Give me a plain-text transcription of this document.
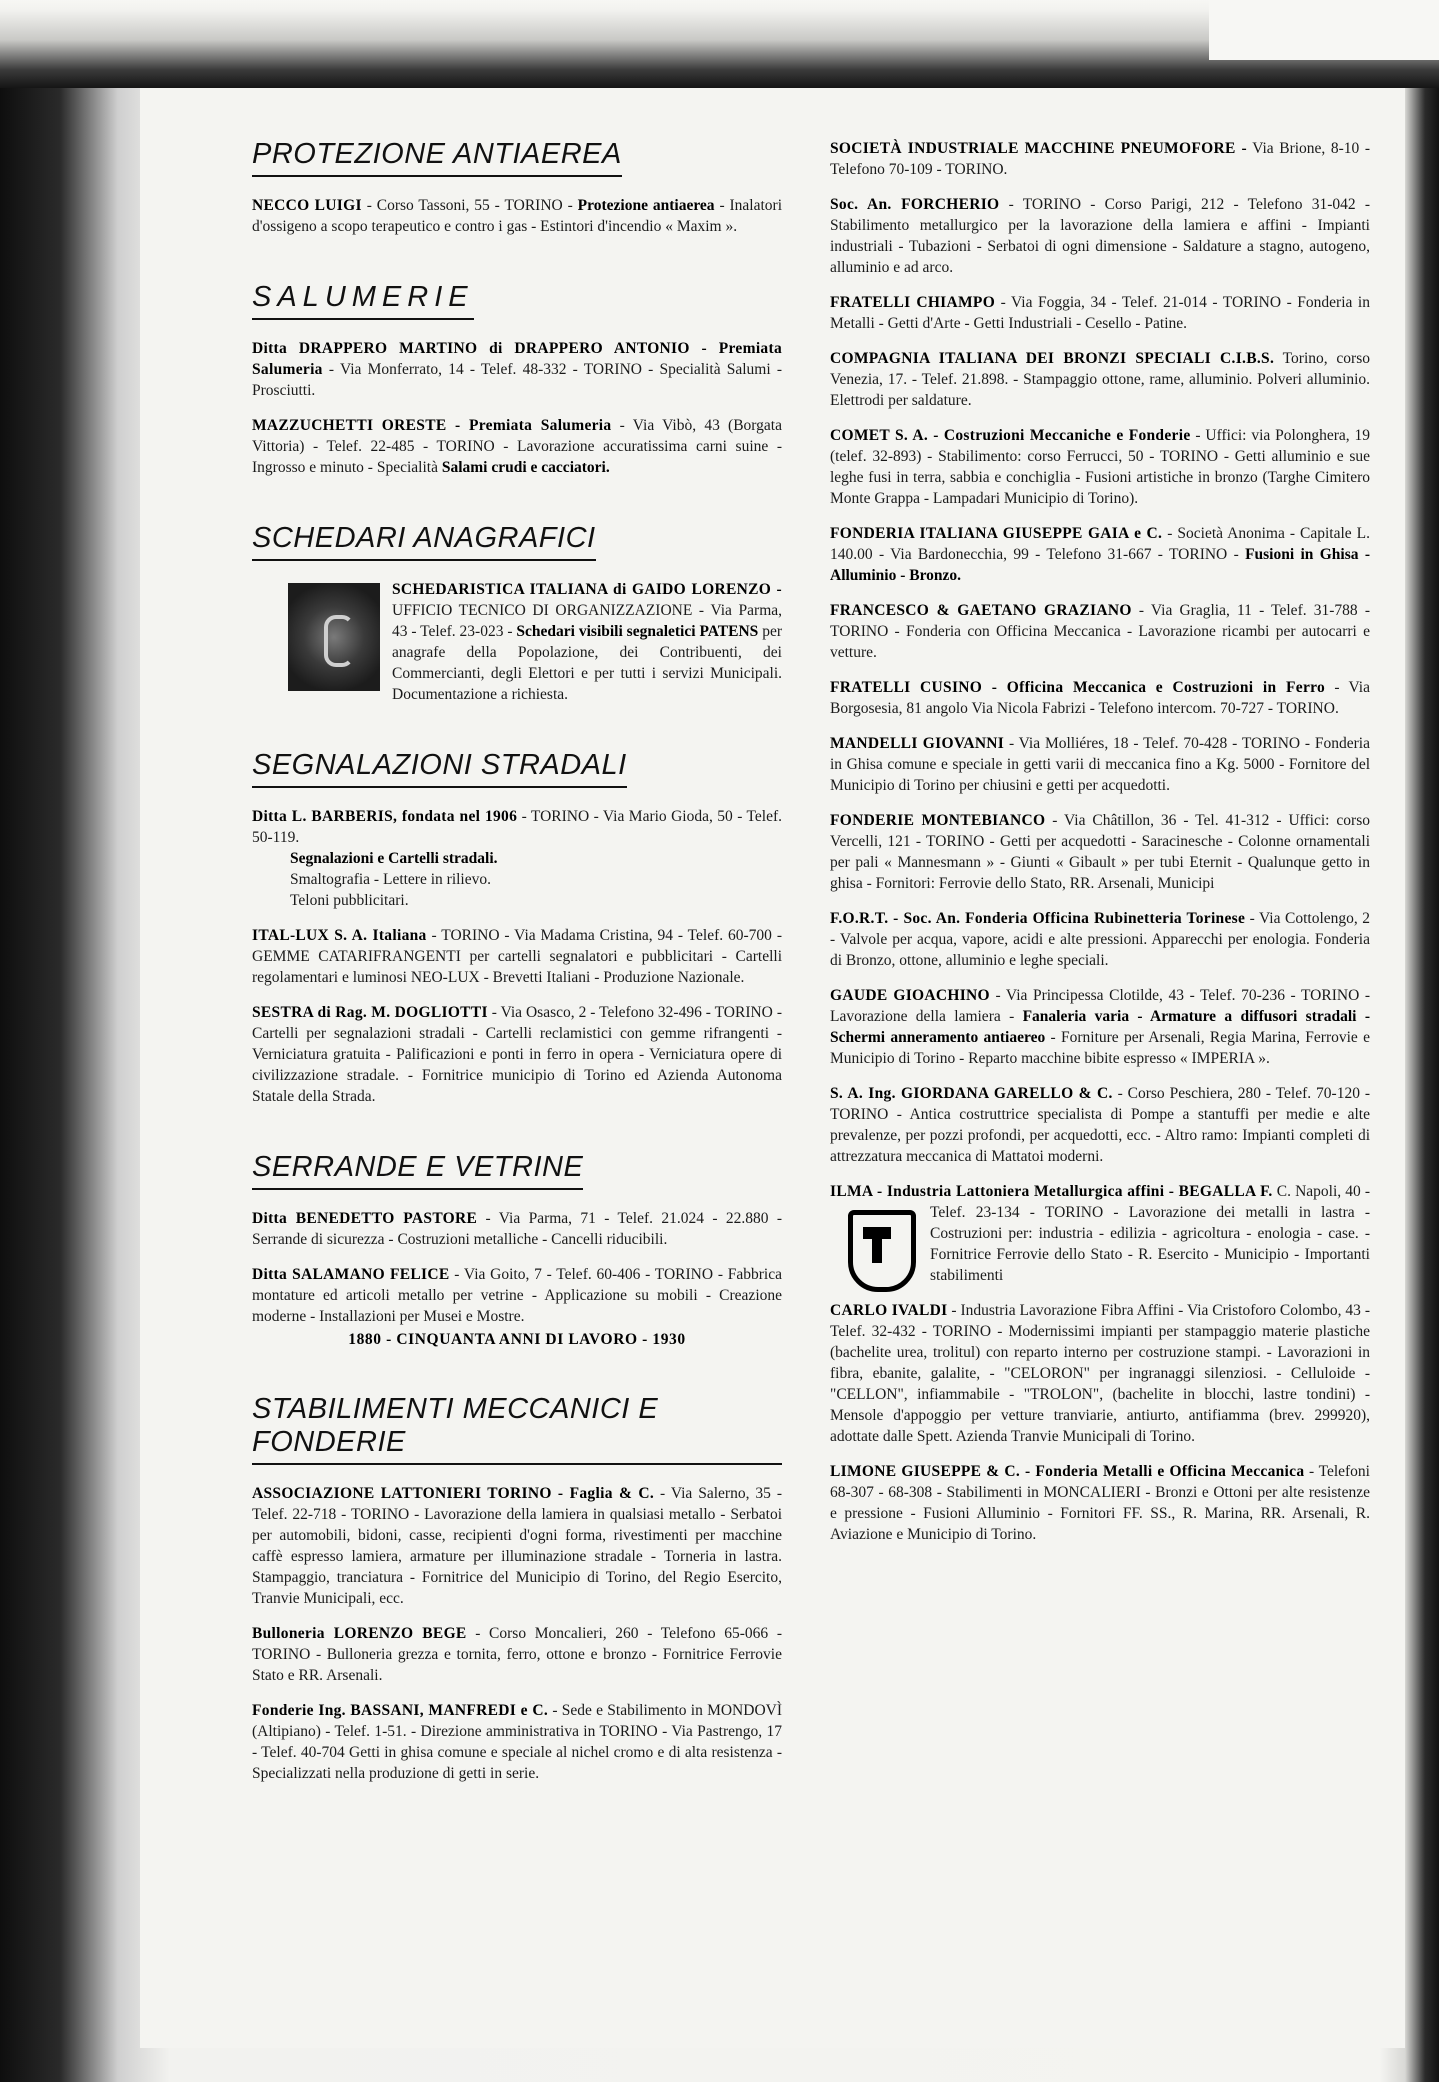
PROTEZIONE ANTIAEREA

NECCO LUIGI - Corso Tassoni, 55 - TORINO - Protezione antiaerea - Inalatori d'ossigeno a scopo terapeutico e contro i gas - Estintori d'incendio « Maxim ».

SALUMERIE

Ditta DRAPPERO MARTINO di DRAPPERO ANTONIO - Premiata Salumeria - Via Monferrato, 14 - Telef. 48-332 - TORINO - Specialità Salumi - Prosciutti.

MAZZUCHETTI ORESTE - Premiata Salumeria - Via Vibò, 43 (Borgata Vittoria) - Telef. 22-485 - TORINO - Lavorazione accuratissima carni suine - Ingrosso e minuto - Specialità Salami crudi e cacciatori.

SCHEDARI ANAGRAFICI

SCHEDARISTICA ITALIANA di GAIDO LORENZO -
UFFICIO TECNICO DI ORGANIZZAZIONE - Via Parma, 43 - Telef. 23-023 - Schedari visibili segnaletici PATENS per anagrafe della Popolazione, dei Contribuenti, dei Commercianti, degli Elettori e per tutti i servizi Municipali. Documentazione a richiesta.

SEGNALAZIONI STRADALI

Ditta L. BARBERIS, fondata nel 1906 - TORINO - Via Mario Gioda, 50 - Telef. 50-119.
Segnalazioni e Cartelli stradali.
Smaltografia - Lettere in rilievo.
Teloni pubblicitari.

ITAL-LUX S. A. Italiana - TORINO - Via Madama Cristina, 94 - Telef. 60-700 - GEMME CATARIFRANGENTI per cartelli segnalatori e pubblicitari - Cartelli regolamentari e luminosi NEO-LUX - Brevetti Italiani - Produzione Nazionale.

SESTRA di Rag. M. DOGLIOTTI - Via Osasco, 2 - Telefono 32-496 - TORINO - Cartelli per segnalazioni stradali - Cartelli reclamistici con gemme rifrangenti - Verniciatura gratuita - Palificazioni e ponti in ferro in opera - Verniciatura opere di civilizzazione stradale. - Fornitrice municipio di Torino ed Azienda Autonoma Statale della Strada.

SERRANDE E VETRINE

Ditta BENEDETTO PASTORE - Via Parma, 71 - Telef. 21.024 - 22.880 - Serrande di sicurezza - Costruzioni metalliche - Cancelli riducibili.

Ditta SALAMANO FELICE - Via Goito, 7 - Telef. 60-406 - TORINO - Fabbrica montature ed articoli metallo per vetrine - Applicazione su mobili - Creazione moderne - Installazioni per Musei e Mostre.

1880 - CINQUANTA ANNI DI LAVORO - 1930
STABILIMENTI MECCANICI E FONDERIE

ASSOCIAZIONE LATTONIERI TORINO - Faglia & C. - Via Salerno, 35 - Telef. 22-718 - TORINO - Lavorazione della lamiera in qualsiasi metallo - Serbatoi per automobili, bidoni, casse, recipienti d'ogni forma, rivestimenti per macchine caffè espresso lamiera, armature per illuminazione stradale - Torneria in lastra. Stampaggio, tranciatura - Fornitrice del Municipio di Torino, del Regio Esercito, Tranvie Municipali, ecc.

Bulloneria LORENZO BEGE - Corso Moncalieri, 260 - Telefono 65-066 - TORINO - Bulloneria grezza e tornita, ferro, ottone e bronzo - Fornitrice Ferrovie Stato e RR. Arsenali.

Fonderie Ing. BASSANI, MANFREDI e C. - Sede e Stabilimento in MONDOVÌ (Altipiano) - Telef. 1-51. - Direzione amministrativa in TORINO - Via Pastrengo, 17 - Telef. 40-704 Getti in ghisa comune e speciale al nichel cromo e di alta resistenza - Specializzati nella produzione di getti in serie.

SOCIETÀ INDUSTRIALE MACCHINE PNEUMOFORE - Via Brione, 8-10 - Telefono 70-109 - TORINO.

Soc. An. FORCHERIO - TORINO - Corso Parigi, 212 - Telefono 31-042 - Stabilimento metallurgico per la lavorazione della lamiera e affini - Impianti industriali - Tubazioni - Serbatoi di ogni dimensione - Saldature a stagno, autogeno, alluminio e ad arco.

FRATELLI CHIAMPO - Via Foggia, 34 - Telef. 21-014 - TORINO - Fonderia in Metalli - Getti d'Arte - Getti Industriali - Cesello - Patine.

COMPAGNIA ITALIANA DEI BRONZI SPECIALI C.I.B.S. Torino, corso Venezia, 17. - Telef. 21.898. - Stampaggio ottone, rame, alluminio. Polveri alluminio. Elettrodi per saldature.

COMET S. A. - Costruzioni Meccaniche e Fonderie - Uffici: via Polonghera, 19 (telef. 32-893) - Stabilimento: corso Ferrucci, 50 - TORINO - Getti alluminio e sue leghe fusi in terra, sabbia e conchiglia - Fusioni artistiche in bronzo (Targhe Cimitero Monte Grappa - Lampadari Municipio di Torino).

FONDERIA ITALIANA GIUSEPPE GAIA e C. - Società Anonima - Capitale L. 140.00 - Via Bardonecchia, 99 - Telefono 31-667 - TORINO - Fusioni in Ghisa - Alluminio - Bronzo.

FRANCESCO & GAETANO GRAZIANO - Via Graglia, 11 - Telef. 31-788 - TORINO - Fonderia con Officina Meccanica - Lavorazione ricambi per autocarri e vetture.

FRATELLI CUSINO - Officina Meccanica e Costruzioni in Ferro - Via Borgosesia, 81 angolo Via Nicola Fabrizi - Telefono intercom. 70-727 - TORINO.

MANDELLI GIOVANNI - Via Molliéres, 18 - Telef. 70-428 - TORINO - Fonderia in Ghisa comune e speciale in getti varii di meccanica fino a Kg. 5000 - Fornitore del Municipio di Torino per chiusini e getti per acquedotti.

FONDERIE MONTEBIANCO - Via Châtillon, 36 - Tel. 41-312 - Uffici: corso Vercelli, 121 - TORINO - Getti per acquedotti - Saracinesche - Colonne ornamentali per pali « Mannesmann » - Giunti « Gibault » per tubi Eternit - Qualunque getto in ghisa - Fornitori: Ferrovie dello Stato, RR. Arsenali, Municipi

F.O.R.T. - Soc. An. Fonderia Officina Rubinetteria Torinese - Via Cottolengo, 2 - Valvole per acqua, vapore, acidi e alte pressioni. Apparecchi per enologia. Fonderia di Bronzo, ottone, alluminio e leghe speciali.

GAUDE GIOACHINO - Via Principessa Clotilde, 43 - Telef. 70-236 - TORINO - Lavorazione della lamiera - Fanaleria varia - Armature a diffusori stradali - Schermi anneramento antiaereo - Forniture per Arsenali, Regia Marina, Ferrovie e Municipio di Torino - Reparto macchine bibite espresso « IMPERIA ».

S. A. Ing. GIORDANA GARELLO & C. - Corso Peschiera, 280 - Telef. 70-120 - TORINO - Antica costruttrice specialista di Pompe a stantuffi per medie e alte prevalenze, per pozzi profondi, per acquedotti, ecc. - Altro ramo: Impianti completi di attrezzatura meccanica di Mattatoi moderni.

ILMA - Industria Lattoniera Metallurgica affini - BEGALLA F.
C. Napoli, 40 - Telef. 23-134 - TORINO - Lavorazione dei metalli in lastra - Costruzioni per: industria - edilizia - agricoltura - enologia - case. - Fornitrice Ferrovie dello Stato - R. Esercito - Municipio - Importanti stabilimenti

CARLO IVALDI - Industria Lavorazione Fibra Affini - Via Cristoforo Colombo, 43 - Telef. 32-432 - TORINO - Modernissimi impianti per stampaggio materie plastiche (bachelite urea, trolitul) con reparto interno per costruzione stampi. - Lavorazioni in fibra, ebanite, galalite, - "CELORON" per ingranaggi silenziosi. - Celluloide - "CELLON", infiammabile - "TROLON", (bachelite in blocchi, lastre tondini) - Mensole d'appoggio per vetture tranviarie, antiurto, antifiamma (brev. 299920), adottate dalle Spett. Azienda Tranvie Municipali di Torino.

LIMONE GIUSEPPE & C. - Fonderia Metalli e Officina Meccanica - Telefoni 68-307 - 68-308 - Stabilimenti in MONCALIERI - Bronzi e Ottoni per alte resistenze e pressione - Fusioni Alluminio - Fornitori FF. SS., R. Marina, RR. Arsenali, R. Aviazione e Municipio di Torino.
